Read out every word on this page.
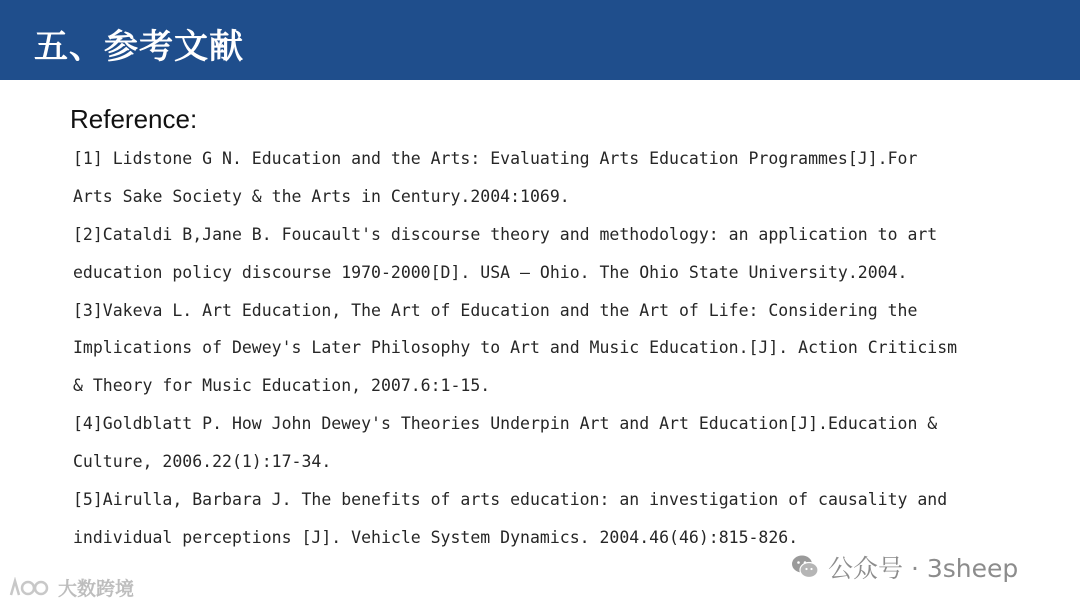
五、参考文献
Reference:
[1] Lidstone G N. Education and the Arts: Evaluating Arts Education Programmes[J].For
Arts Sake Society & the Arts in Century.2004:1069.
[2]Cataldi B,Jane B. Foucault's discourse theory and methodology: an application to art
education policy discourse 1970-2000[D]. USA – Ohio. The Ohio State University.2004.
[3]Vakeva L. Art Education, The Art of Education and the Art of Life: Considering the
Implications of Dewey's Later Philosophy to Art and Music Education.[J]. Action Criticism
& Theory for Music Education, 2007.6:1-15.
[4]Goldblatt P. How John Dewey's Theories Underpin Art and Art Education[J].Education &
Culture, 2006.22(1):17-34.
[5]Airulla, Barbara J. The benefits of arts education: an investigation of causality and
individual perceptions [J]. Vehicle System Dynamics. 2004.46(46):815-826.
公众号 · 3sheep
大数跨境
